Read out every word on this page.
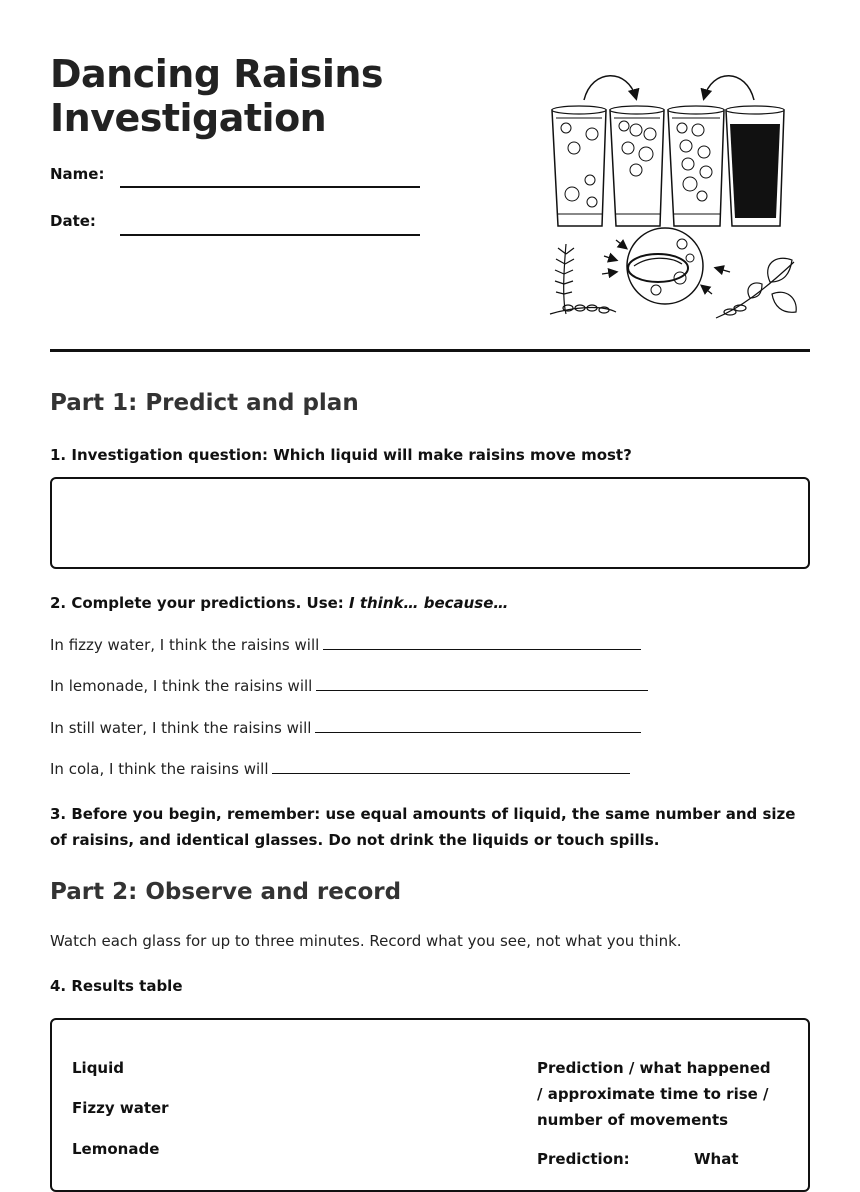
Dancing Raisins
Investigation
Name:
Date:
Part 1: Predict and plan
1. Investigation question: Which liquid will make raisins move most?
2. Complete your predictions. Use: I think… because…
In fizzy water, I think the raisins will
In lemonade, I think the raisins will
In still water, I think the raisins will
In cola, I think the raisins will
3. Before you begin, remember: use equal amounts of liquid, the same number and size of raisins, and identical glasses. Do not drink the liquids or touch spills.
Part 2: Observe and record
Watch each glass for up to three minutes. Record what you see, not what you think.
4. Results table
Liquid
Fizzy water
Lemonade
Prediction / what happened / approximate time to rise / number of movements
Prediction:	What
